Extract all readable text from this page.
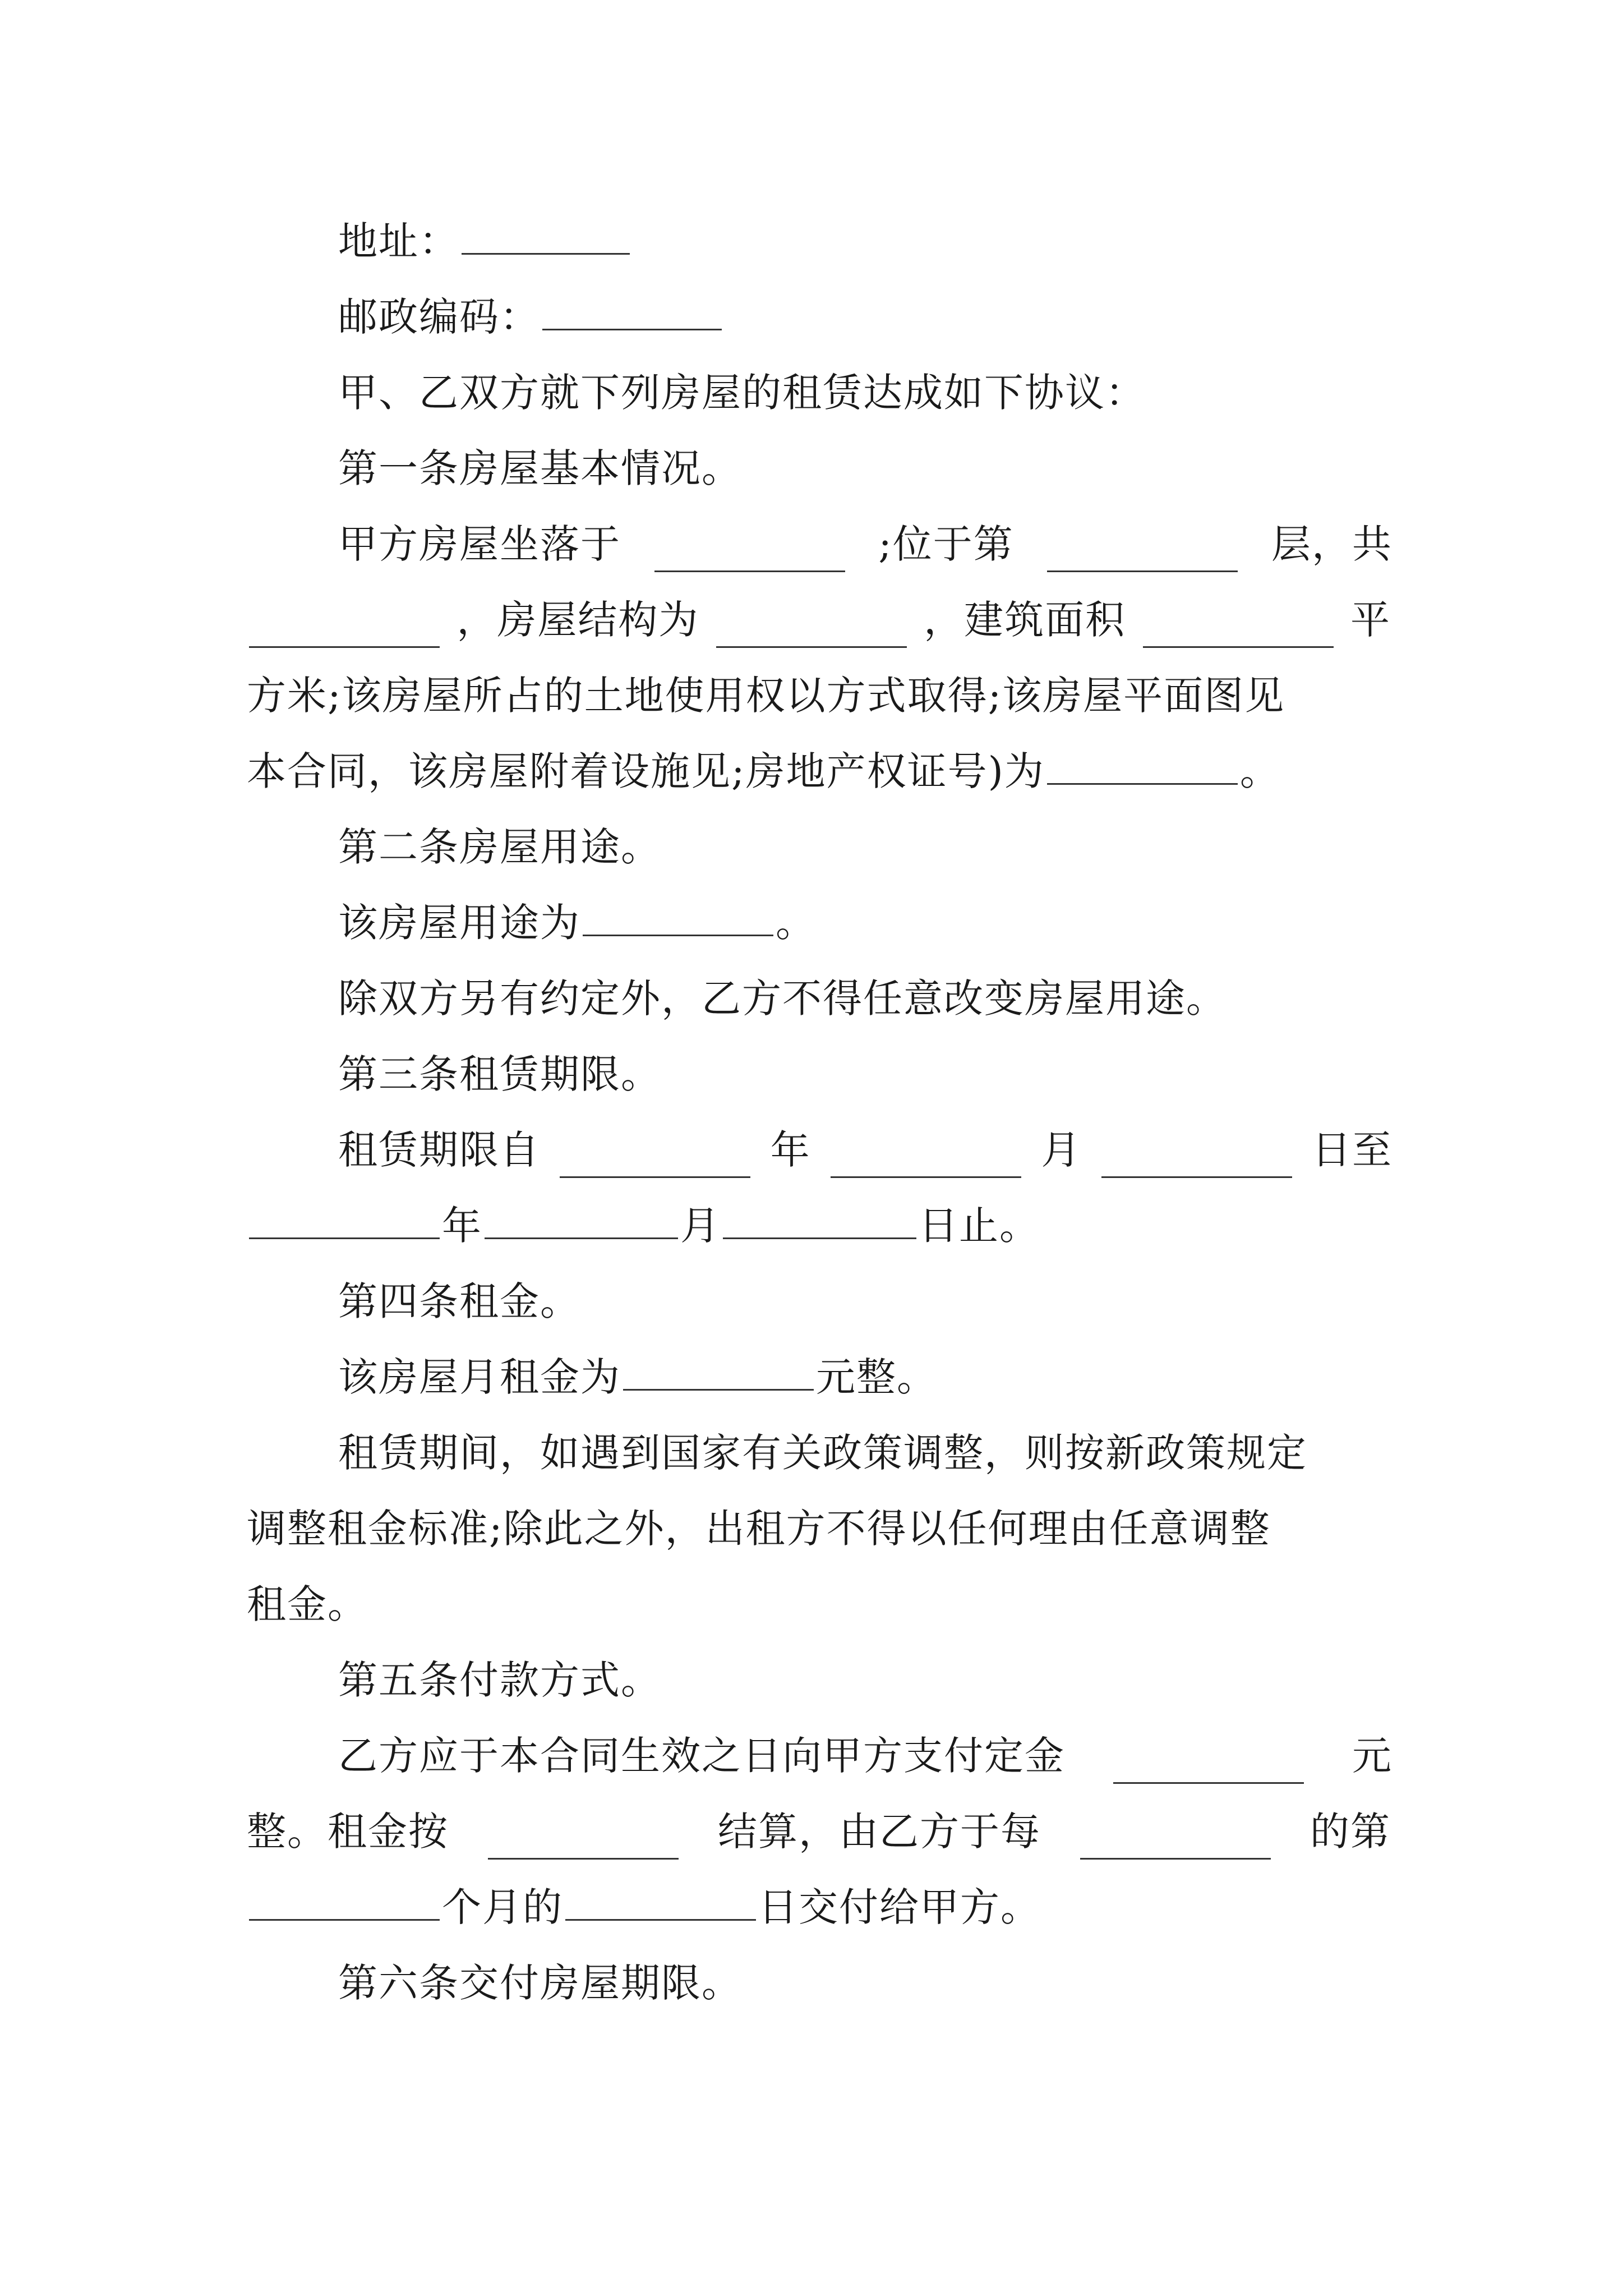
地址：
邮政编码：
甲、乙双方就下列房屋的租赁达成如下协议：
第一条房屋基本情况。
甲方房屋坐落于	;位于第	层，共
，房屋结构为	，建筑面积	平
方米;该房屋所占的土地使用权以方式取得;该房屋平面图见
本合同，该房屋附着设施见;房地产权证号)为	。
第二条房屋用途。
该房屋用途为	。
除双方另有约定外，乙方不得任意改变房屋用途。
第三条租赁期限。
租赁期限自	年	月	日至
年	月	日止。
第四条租金。
该房屋月租金为	元整。
租赁期间，如遇到国家有关政策调整，则按新政策规定
调整租金标准;除此之外，出租方不得以任何理由任意调整
租金。
第五条付款方式。
乙方应于本合同生效之日向甲方支付定金	元
整。租金按	结算，由乙方于每	的第
个月的	日交付给甲方。
第六条交付房屋期限。
